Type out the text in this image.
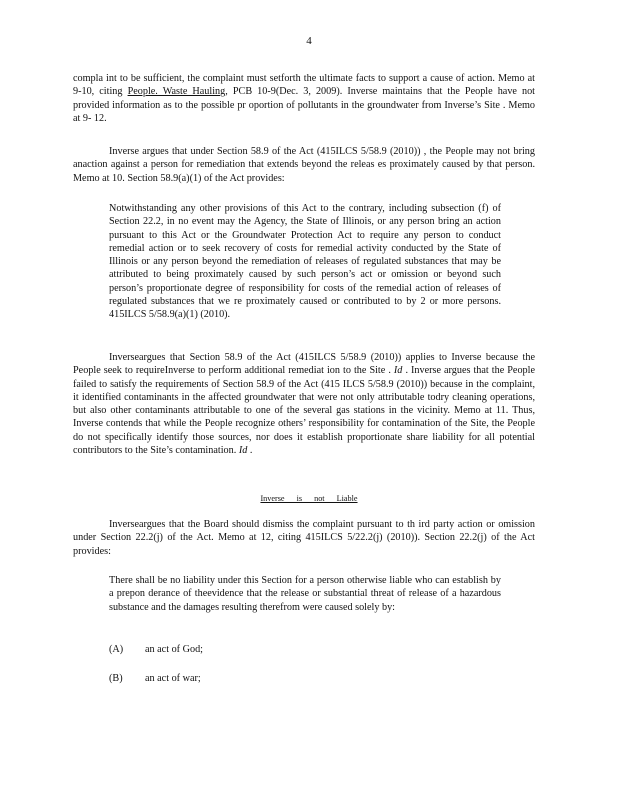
4

compla int to be sufficient, the complaint must setforth the ultimate facts to support a cause of action. Memo at 9-10, citing People. Waste Hauling, PCB 10-9(Dec. 3, 2009). Inverse maintains that the People have not provided information as to the possible pr oportion of pollutants in the groundwater from Inverse’s Site . Memo at 9- 12.

Inverse argues that under Section 58.9 of the Act (415ILCS 5/58.9 (2010)) , the People may not bring anaction against a person for remediation that extends beyond the releas es proximately caused by that person. Memo at 10. Section 58.9(a)(1) of the Act provides:

Notwithstanding any other provisions of this Act to the contrary, including subsection (f) of Section 22.2, in no event may the Agency, the State of Illinois, or any person bring an action pursuant to this Act or the Groundwater Protection Act to require any person to conduct remedial action or to seek recovery of costs for remedial activity conducted by the State of Illinois or any person beyond the remediation of releases of regulated substances that may be attributed to being proximately caused by such person’s act or omission or beyond such person’s proportionate degree of responsibility for costs of the remedial action of releases of regulated substances that we re proximately caused or contributed to by 2 or more persons. 415ILCS 5/58.9(a)(1) (2010).

Inverseargues that Section 58.9 of the Act (415ILCS 5/58.9 (2010)) applies to Inverse because the People seek to requireInverse to perform additional remediat ion to the Site . Id . Inverse argues that the People failed to satisfy the requirements of Section 58.9 of the Act (415 ILCS 5/58.9 (2010)) because in the complaint, it identified contaminants in the affected groundwater that were not only attributable todry cleaning operations, but also other contaminants attributable to one of the several gas stations in the vicinity. Memo at 11. Thus, Inverse contends that while the People recognize others’ responsibility for contamination of the Site, the People do not specifically identify those sources, nor does it establish proportionate share liability for all potential contributors to the Site’s contamination. Id .

Inverse is not Liable

Inverseargues that the Board should dismiss the complaint pursuant to th ird party action or omission under Section 22.2(j) of the Act. Memo at 12, citing 415ILCS 5/22.2(j) (2010)). Section 22.2(j) of the Act provides:

There shall be no liability under this Section for a person otherwise liable who can establish by a prepon derance of theevidence that the release or substantial threat of release of a hazardous substance and the damages resulting therefrom were caused solely by:

(A) an act of God;
(B) an act of war;
